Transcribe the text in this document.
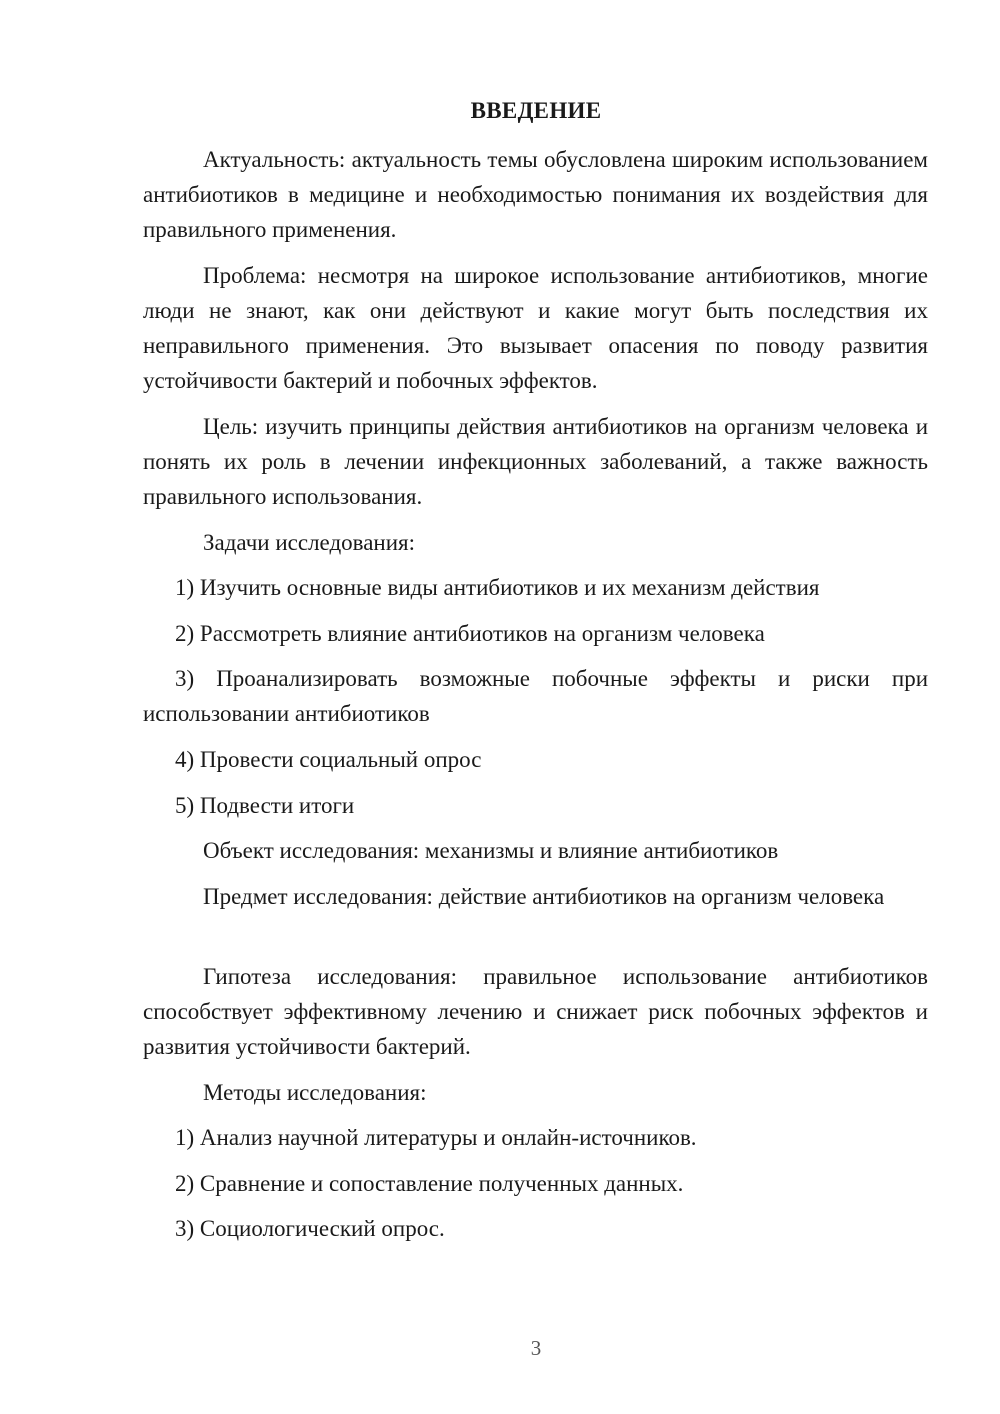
ВВЕДЕНИЕ
Актуальность: актуальность темы обусловлена широким использованием антибиотиков в медицине и необходимостью понимания их воздействия для правильного применения.
Проблема: несмотря на широкое использование антибиотиков, многие люди не знают, как они действуют и какие могут быть последствия их неправильного применения. Это вызывает опасения по поводу развития устойчивости бактерий и побочных эффектов.
Цель: изучить принципы действия антибиотиков на организм человека и понять их роль в лечении инфекционных заболеваний, а также важность правильного использования.
Задачи исследования:
1) Изучить основные виды антибиотиков и их механизм действия
2) Рассмотреть влияние антибиотиков на организм человека
3) Проанализировать возможные побочные эффекты и риски при использовании антибиотиков
4) Провести социальный опрос
5) Подвести итоги
Объект исследования: механизмы и влияние антибиотиков
Предмет исследования: действие антибиотиков на организм человека
Гипотеза исследования: правильное использование антибиотиков способствует эффективному лечению и снижает риск побочных эффектов и развития устойчивости бактерий.
Методы исследования:
1) Анализ научной литературы и онлайн-источников.
2) Сравнение и сопоставление полученных данных.
3) Социологический опрос.
3
